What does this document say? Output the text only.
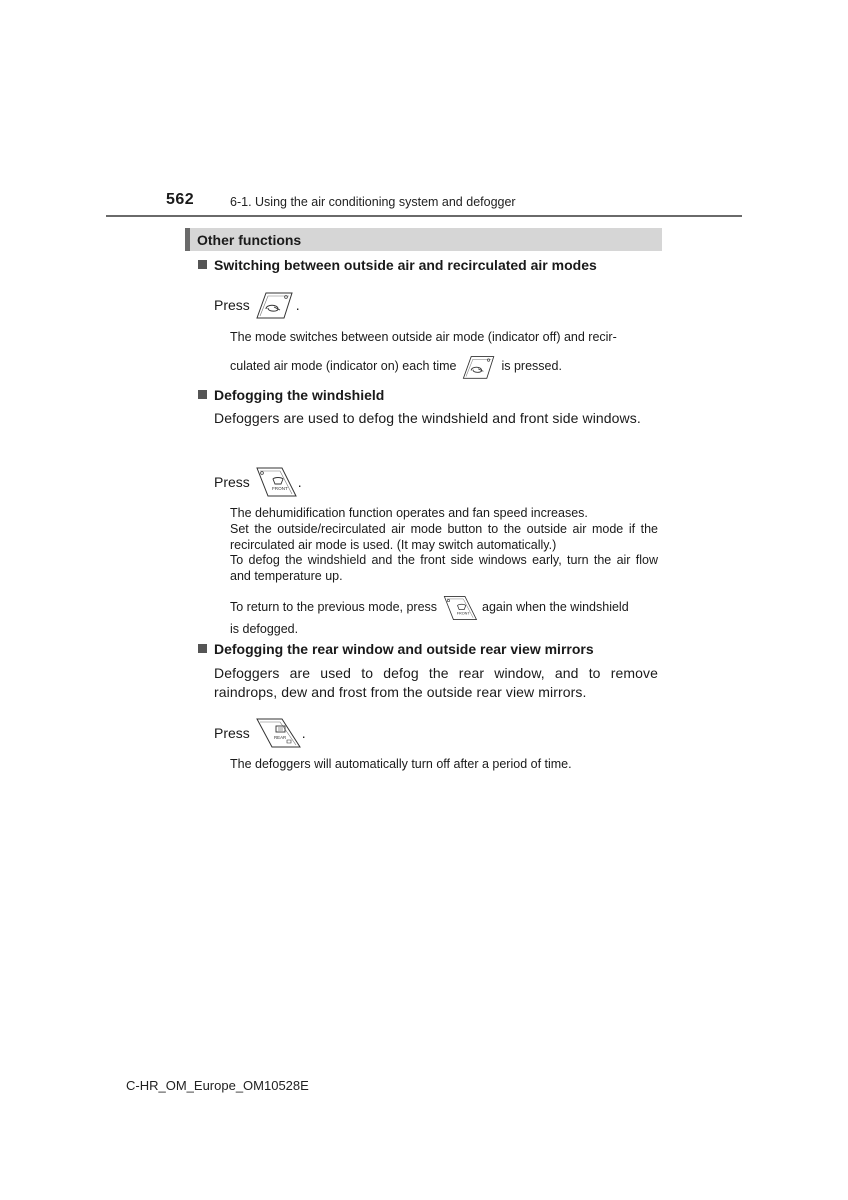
562	6-1. Using the air conditioning system and defogger
Other functions
Switching between outside air and recirculated air modes
Press	.
The mode switches between outside air mode (indicator off) and recir-
culated air mode (indicator on) each time	is pressed.
Defogging the windshield
Defoggers are used to defog the windshield and front side windows.
Press	FRONT .
The dehumidification function operates and fan speed increases.
Set the outside/recirculated air mode button to the outside air mode if the recirculated air mode is used. (It may switch automatically.)
To defog the windshield and the front side windows early, turn the air flow and temperature up.
To return to the previous mode, press	FRONT again when the windshield
is defogged.
Defogging the rear window and outside rear view mirrors
Defoggers are used to defog the rear window, and to remove raindrops, dew and frost from the outside rear view mirrors.
Press	REAR .
The defoggers will automatically turn off after a period of time.
C-HR_OM_Europe_OM10528E
